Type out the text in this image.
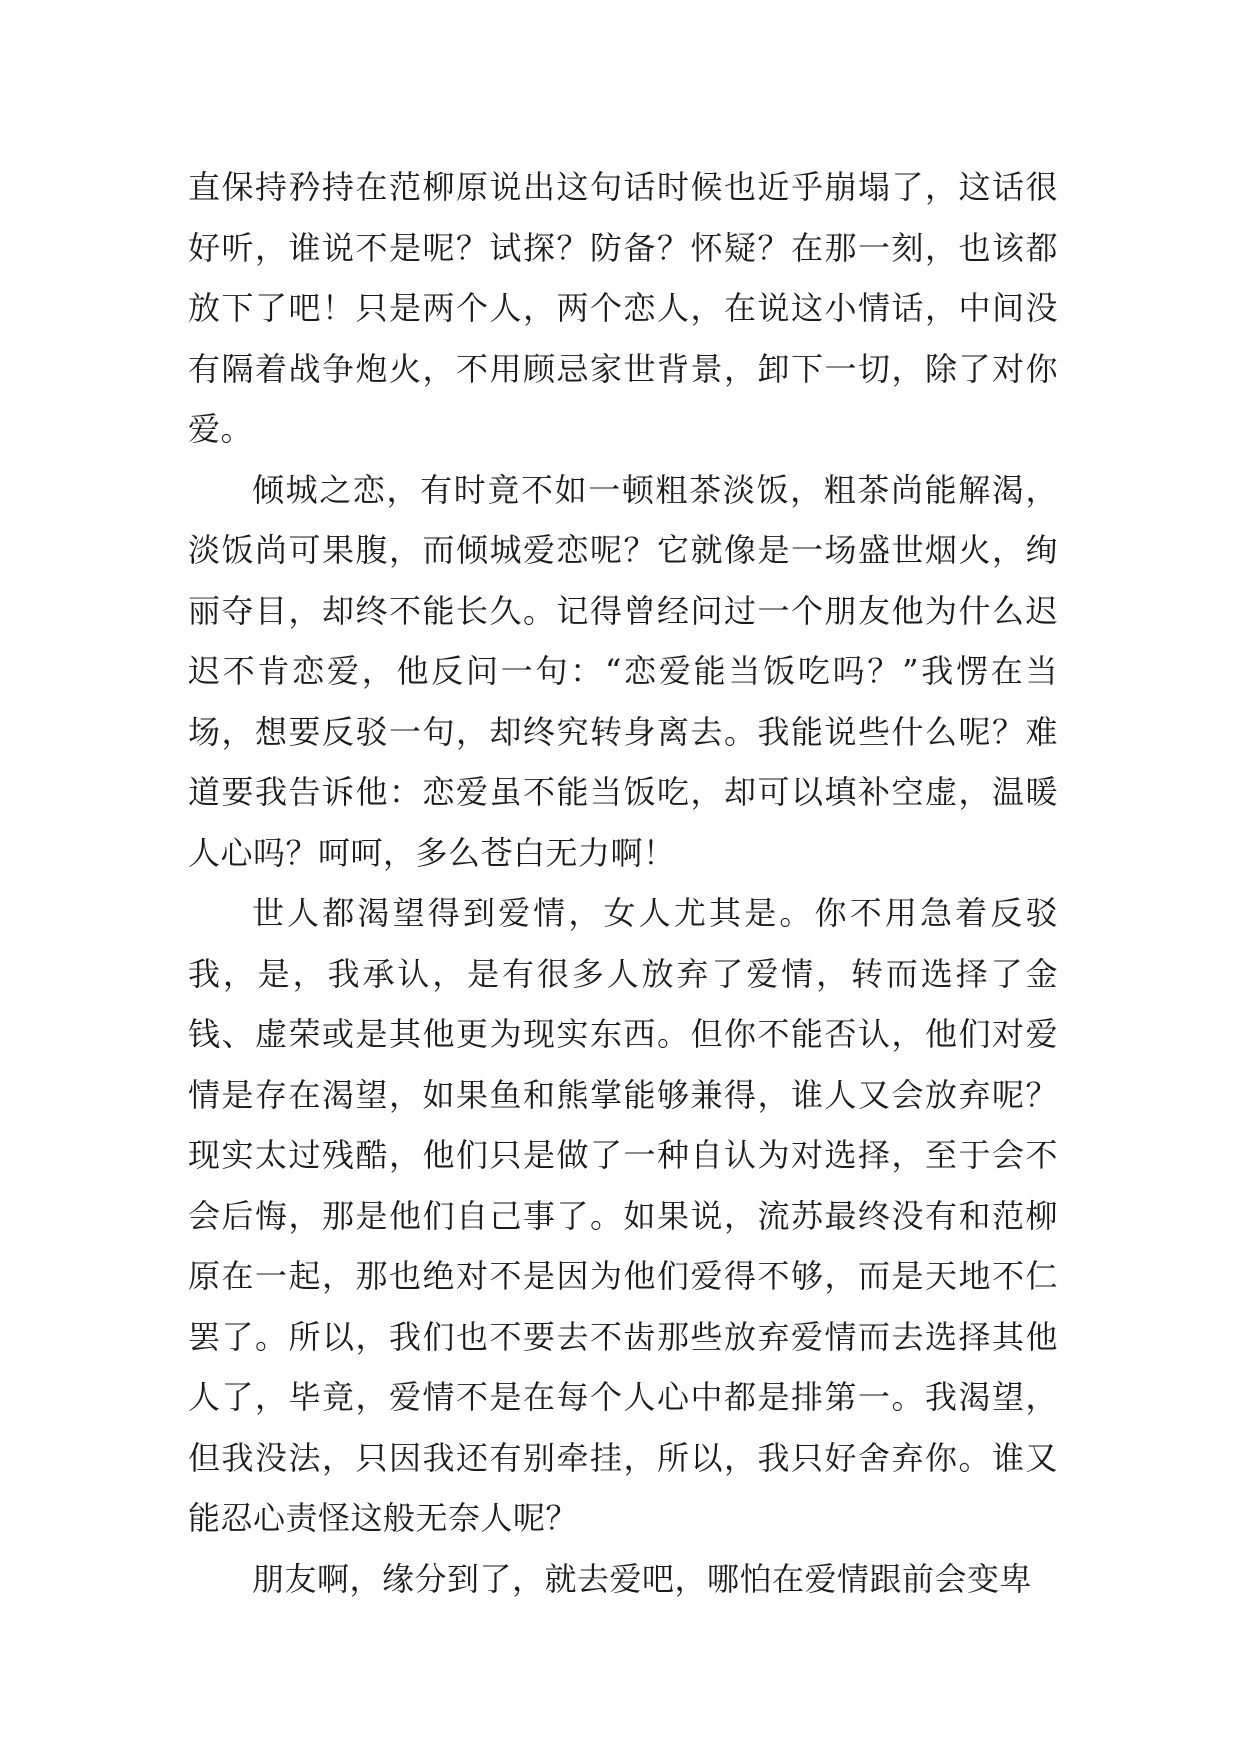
直保持矜持在范柳原说出这句话时候也近乎崩塌了，这话很好听，谁说不是呢？试探？防备？怀疑？在那一刻，也该都放下了吧！只是两个人，两个恋人，在说这小情话，中间没有隔着战争炮火，不用顾忌家世背景，卸下一切，除了对你爱。

倾城之恋，有时竟不如一顿粗茶淡饭，粗茶尚能解渴，淡饭尚可果腹，而倾城爱恋呢？它就像是一场盛世烟火，绚丽夺目，却终不能长久。记得曾经问过一个朋友他为什么迟迟不肯恋爱，他反问一句：“恋爱能当饭吃吗？”我愣在当场，想要反驳一句，却终究转身离去。我能说些什么呢？难道要我告诉他：恋爱虽不能当饭吃，却可以填补空虚，温暖人心吗？呵呵，多么苍白无力啊！

世人都渴望得到爱情，女人尤其是。你不用急着反驳我，是，我承认，是有很多人放弃了爱情，转而选择了金钱、虚荣或是其他更为现实东西。但你不能否认，他们对爱情是存在渴望，如果鱼和熊掌能够兼得，谁人又会放弃呢？现实太过残酷，他们只是做了一种自认为对选择，至于会不会后悔，那是他们自己事了。如果说，流苏最终没有和范柳原在一起，那也绝对不是因为他们爱得不够，而是天地不仁罢了。所以，我们也不要去不齿那些放弃爱情而去选择其他人了，毕竟，爱情不是在每个人心中都是排第一。我渴望，但我没法，只因我还有别牵挂，所以，我只好舍弃你。谁又能忍心责怪这般无奈人呢？

朋友啊，缘分到了，就去爱吧，哪怕在爱情跟前会变卑
